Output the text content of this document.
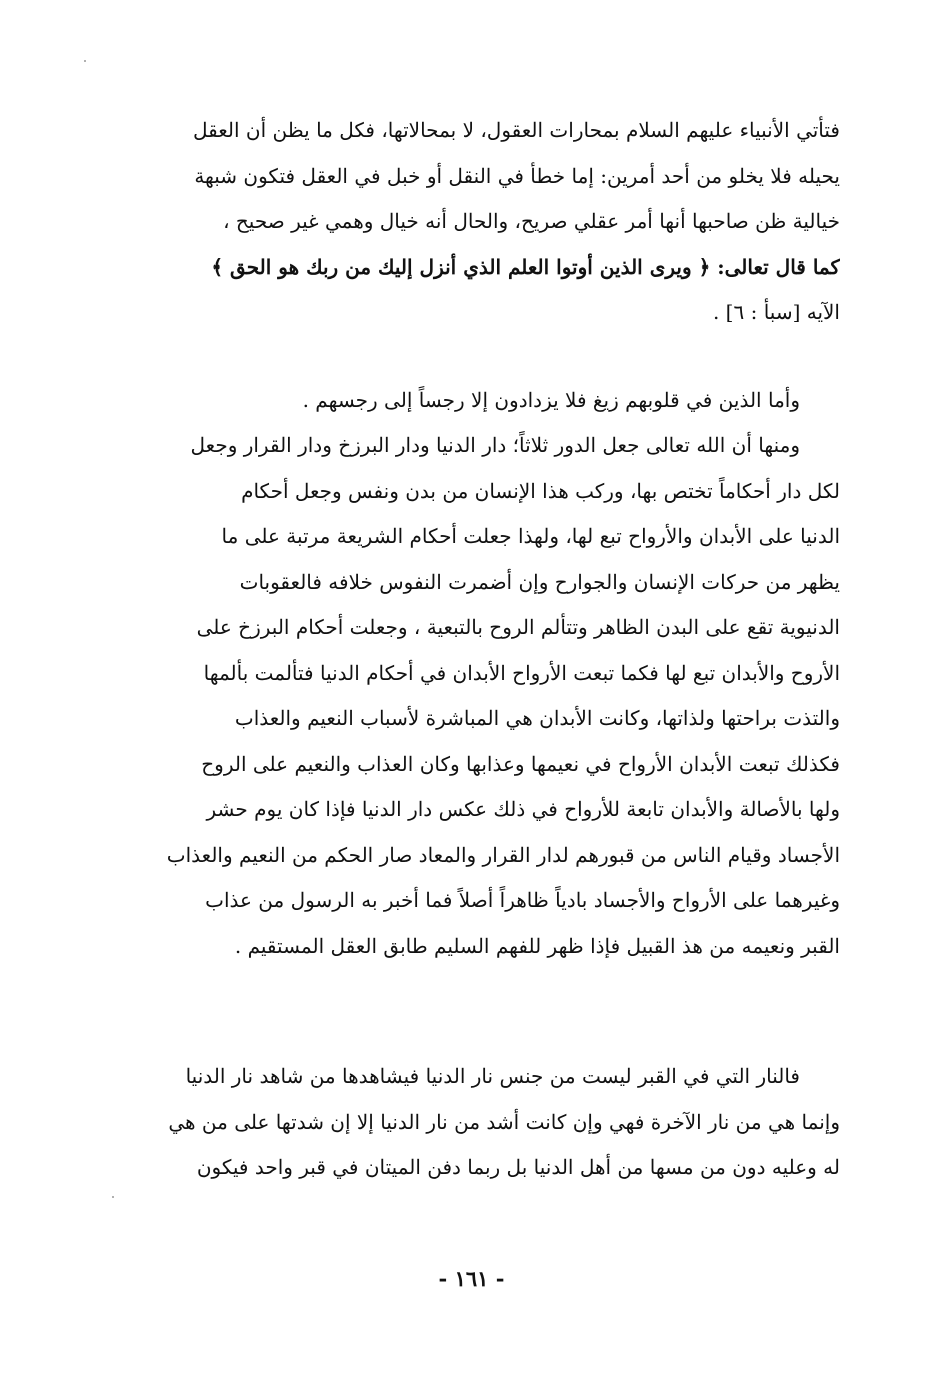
فتأتي الأنبياء عليهم السلام بمحارات العقول، لا بمحالاتها، فكل ما يظن أن العقل
يحيله فلا يخلو من أحد أمرين: إما خطأ في النقل أو خبل في العقل فتكون شبهة
خيالية ظن صاحبها أنها أمر عقلي صريح، والحال أنه خيال وهمي غير صحيح ،
كما قال تعالى: ﴿ ويرى الذين أوتوا العلم الذي أنزل إليك من ربك هو الحق ﴾
الآيه [سبأ : ٦] .
وأما الذين في قلوبهم زيغ فلا يزدادون إلا رجساً إلى رجسهم .
ومنها أن الله تعالى جعل الدور ثلاثاً؛ دار الدنيا ودار البرزخ ودار القرار وجعل
لكل دار أحكاماً تختص بها، وركب هذا الإنسان من بدن ونفس وجعل أحكام
الدنيا على الأبدان والأرواح تبع لها، ولهذا جعلت أحكام الشريعة مرتبة على ما
يظهر من حركات الإنسان والجوارح وإن أضمرت النفوس خلافه فالعقوبات
الدنيوية تقع على البدن الظاهر وتتألم الروح بالتبعية ، وجعلت أحكام البرزخ على
الأروح والأبدان تبع لها فكما تبعت الأرواح الأبدان في أحكام الدنيا فتألمت بألمها
والتذت براحتها ولذاتها، وكانت الأبدان هي المباشرة لأسباب النعيم والعذاب
فكذلك تبعت الأبدان الأرواح في نعيمها وعذابها وكان العذاب والنعيم على الروح
ولها بالأصالة والأبدان تابعة للأرواح في ذلك عكس دار الدنيا فإذا كان يوم حشر
الأجساد وقيام الناس من قبورهم لدار القرار والمعاد صار الحكم من النعيم والعذاب
وغيرهما على الأرواح والأجساد بادياً ظاهراً أصلاً فما أخبر به الرسول من عذاب
القبر ونعيمه من هذ القبيل فإذا ظهر للفهم السليم طابق العقل المستقيم .
فالنار التي في القبر ليست من جنس نار الدنيا فيشاهدها من شاهد نار الدنيا
وإنما هي من نار الآخرة فهي وإن كانت أشد من نار الدنيا إلا إن شدتها على من هي
له وعليه دون من مسها من أهل الدنيا بل ربما دفن الميتان في قبر واحد فيكون
- ١٦١ -
